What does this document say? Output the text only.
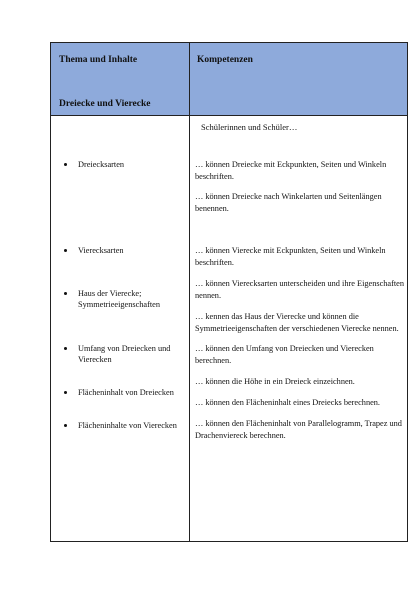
Thema und Inhalte
Dreiecke und Vierecke
Kompetenzen
Schülerinnen und Schüler…
Dreiecksarten
Vierecksarten
Haus der Vierecke; Symmetrieeigenschaften
Umfang von Dreiecken und Vierecken
Flächeninhalt von Dreiecken
Flächeninhalte von Vierecken
… können Dreiecke mit Eckpunkten, Seiten und Winkeln beschriften.
… können Dreiecke nach Winkelarten und Seitenlängen benennen.
… können Vierecke mit Eckpunkten, Seiten und Winkeln beschriften.
… können Vierecksarten unterscheiden und ihre Eigenschaften nennen.
… kennen das Haus der Vierecke und können die Symmetrieeigenschaften der verschiedenen Vierecke nennen.
… können den Umfang von Dreiecken und Vierecken berechnen.
… können die Höhe in ein Dreieck einzeichnen.
… können den Flächeninhalt eines Dreiecks berechnen.
… können den Flächeninhalt von Parallelogramm, Trapez und Drachenviereck berechnen.
